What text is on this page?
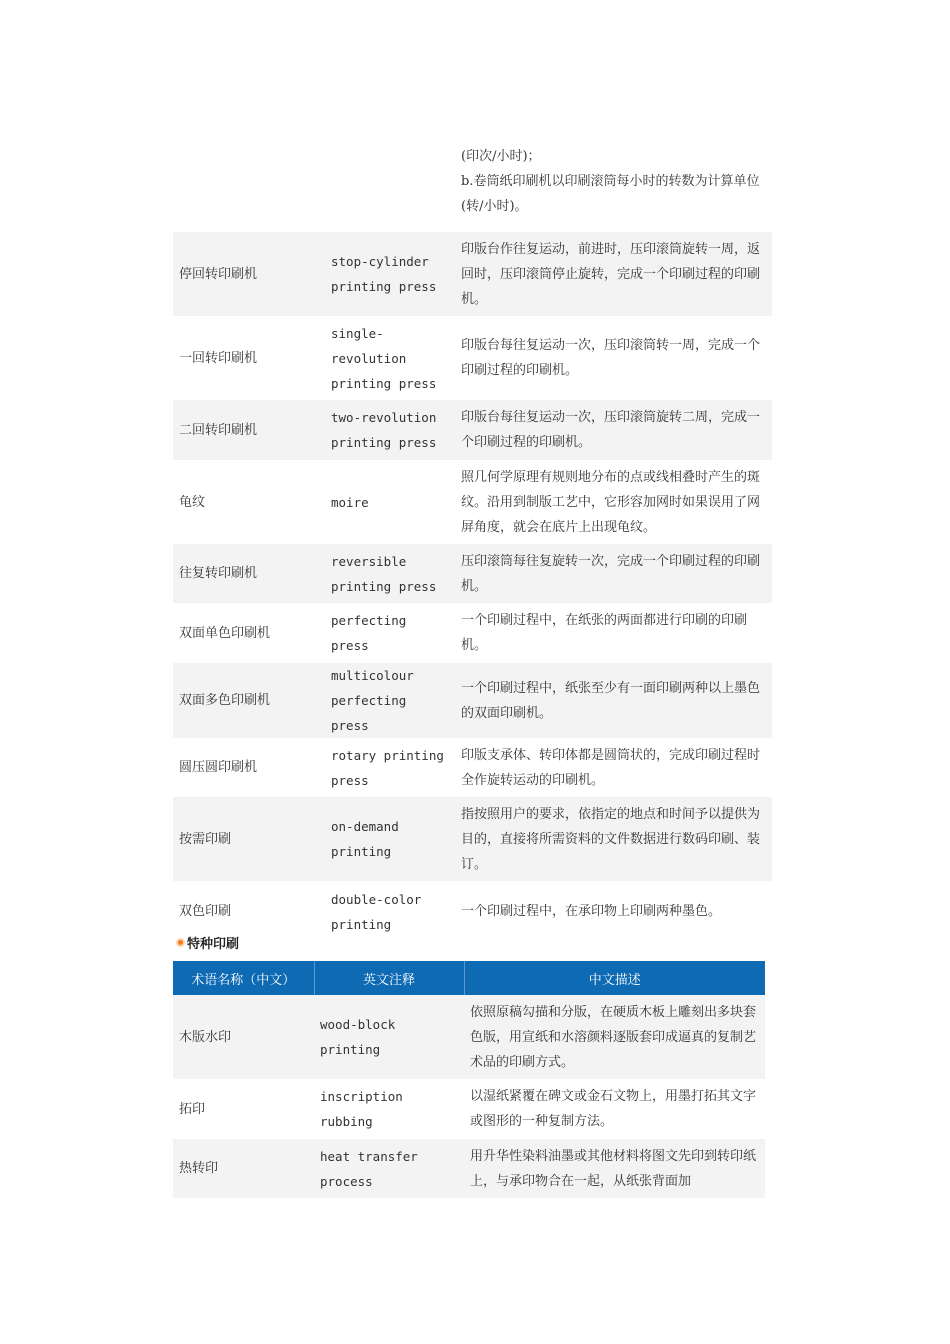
		(印次/小时)；
b.卷筒纸印刷机以印刷滚筒每小时的转数为计算单位
(转/小时)。
停回转印刷机	stop-cylinder printing press	印版台作往复运动，前进时，压印滚筒旋转一周，返回时，压印滚筒停止旋转，完成一个印刷过程的印刷机。
一回转印刷机	single-revolution printing press	印版台每往复运动一次，压印滚筒转一周，完成一个印刷过程的印刷机。
二回转印刷机	two-revolution printing press	印版台每往复运动一次，压印滚筒旋转二周，完成一个印刷过程的印刷机。
龟纹	moire	照几何学原理有规则地分布的点或线相叠时产生的斑纹。沿用到制版工艺中，它形容加网时如果误用了网屏角度，就会在底片上出现龟纹。
往复转印刷机	reversible printing press	压印滚筒每往复旋转一次，完成一个印刷过程的印刷机。
双面单色印刷机	perfecting press	一个印刷过程中，在纸张的两面都进行印刷的印刷机。
双面多色印刷机	multicolour perfecting press	一个印刷过程中，纸张至少有一面印刷两种以上墨色的双面印刷机。
圆压圆印刷机	rotary printing press	印版支承体、转印体都是圆筒状的，完成印刷过程时全作旋转运动的印刷机。
按需印刷	on-demand printing	指按照用户的要求，依指定的地点和时间予以提供为目的，直接将所需资料的文件数据进行数码印刷、装订。
双色印刷	double-color printing	一个印刷过程中，在承印物上印刷两种墨色。
特种印刷
术语名称（中文）	英文注释	中文描述
木版水印	wood-block printing	依照原稿勾描和分版，在硬质木板上雕刻出多块套色版，用宣纸和水溶颜料逐版套印成逼真的复制艺术品的印刷方式。
拓印	inscription rubbing	以湿纸紧覆在碑文或金石文物上，用墨打拓其文字或图形的一种复制方法。
热转印	heat transfer process	用升华性染料油墨或其他材料将图文先印到转印纸上，与承印物合在一起，从纸张背面加
